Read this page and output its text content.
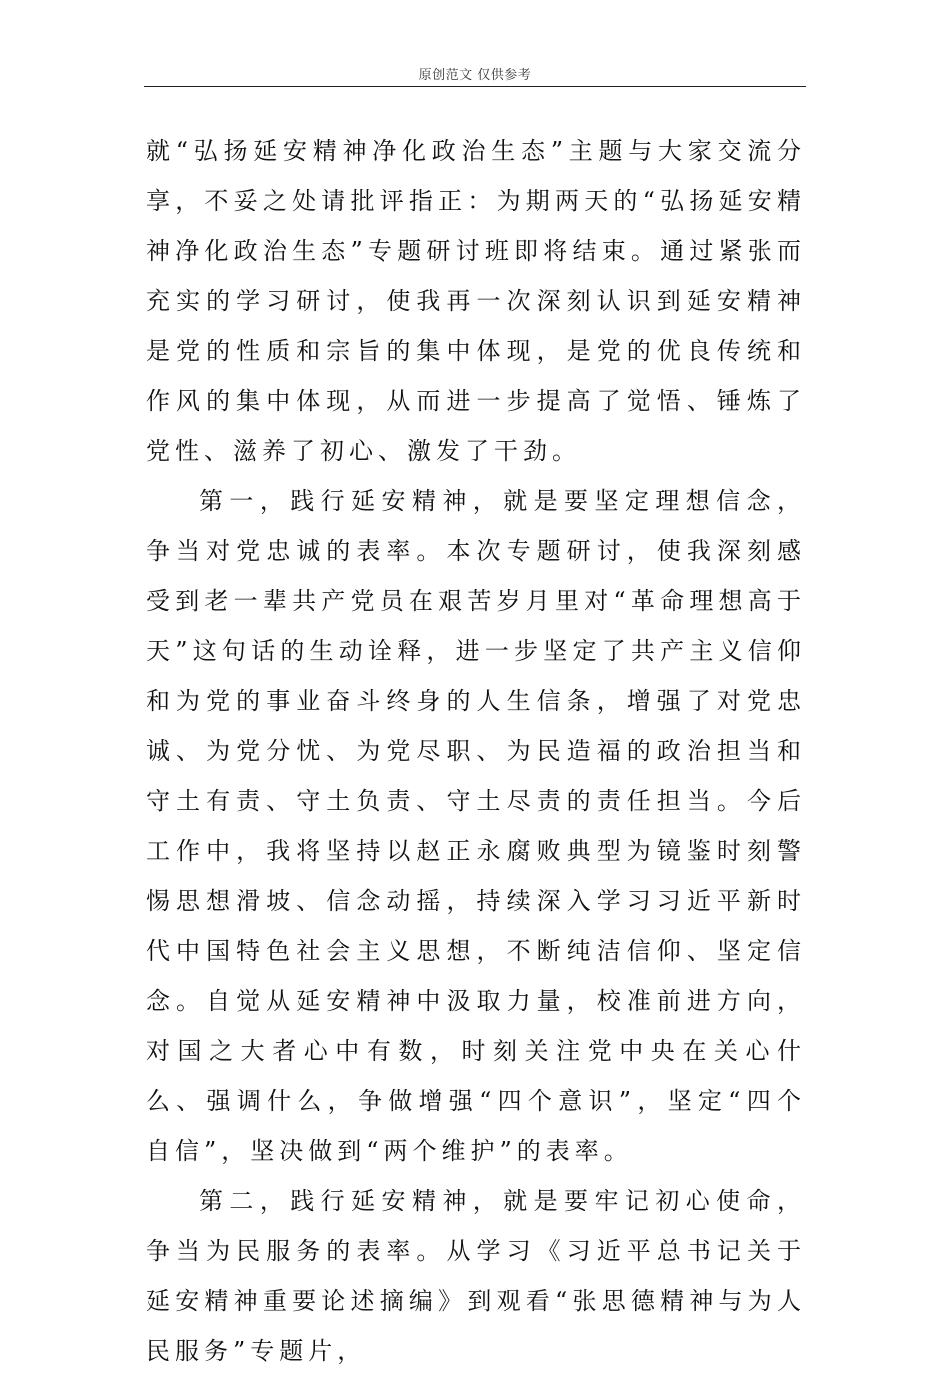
原创范文 仅供参考

就“弘扬延安精神净化政治生态”主题与大家交流分享，不妥之处请批评指正：为期两天的“弘扬延安精神净化政治生态”专题研讨班即将结束。通过紧张而充实的学习研讨，使我再一次深刻认识到延安精神是党的性质和宗旨的集中体现，是党的优良传统和作风的集中体现，从而进一步提高了觉悟、锤炼了党性、滋养了初心、激发了干劲。

第一，践行延安精神，就是要坚定理想信念，争当对党忠诚的表率。本次专题研讨，使我深刻感受到老一辈共产党员在艰苦岁月里对“革命理想高于天”这句话的生动诠释，进一步坚定了共产主义信仰和为党的事业奋斗终身的人生信条，增强了对党忠诚、为党分忧、为党尽职、为民造福的政治担当和守土有责、守土负责、守土尽责的责任担当。今后工作中，我将坚持以赵正永腐败典型为镜鉴时刻警惕思想滑坡、信念动摇，持续深入学习习近平新时代中国特色社会主义思想，不断纯洁信仰、坚定信念。自觉从延安精神中汲取力量，校准前进方向，对国之大者心中有数，时刻关注党中央在关心什么、强调什么，争做增强“四个意识”，坚定“四个自信”，坚决做到“两个维护”的表率。

第二，践行延安精神，就是要牢记初心使命，争当为民服务的表率。从学习《习近平总书记关于延安精神重要论述摘编》到观看“张思德精神与为人民服务”专题片，
